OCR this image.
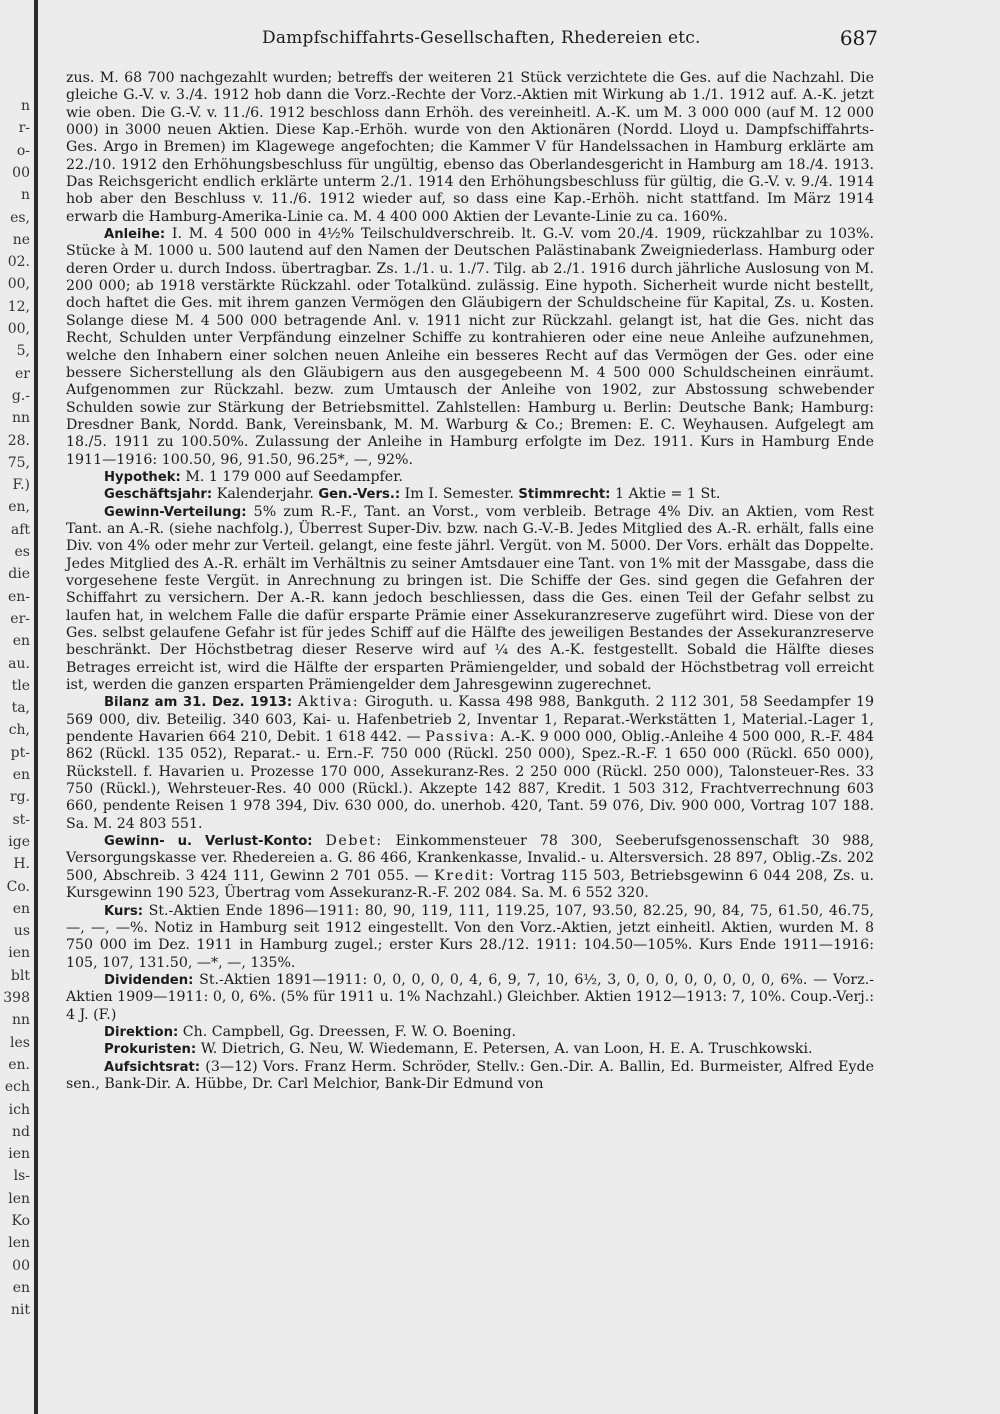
n
r-
o-
00
n
es,
ne
02.
00,
12,
00,
5,
er
g.-
nn
28.
75,
F.)
en,
aft
es
die
en-
er-
en
au.
tle
ta,
ch,
pt-
en
rg.
st-
ige
H.
Co.
en
us
ien
blt
398
nn
les
en.
ech
ich
nd
ien
ls-
len
Ko
len
00
en
nit
Dampfschiffahrts-Gesellschaften, Rhedereien etc.	687

zus. M. 68 700 nachgezahlt wurden; betreffs der weiteren 21 Stück verzichtete die Ges. auf die Nachzahl. Die gleiche G.-V. v. 3./4. 1912 hob dann die Vorz.-Rechte der Vorz.-Aktien mit Wirkung ab 1./1. 1912 auf. A.-K. jetzt wie oben. Die G.-V. v. 11./6. 1912 beschloss dann Erhöh. des vereinheitl. A.-K. um M. 3 000 000 (auf M. 12 000 000) in 3000 neuen Aktien. Diese Kap.-Erhöh. wurde von den Aktionären (Nordd. Lloyd u. Dampfschiffahrts-Ges. Argo in Bremen) im Klagewege angefochten; die Kammer V für Handelssachen in Hamburg erklärte am 22./10. 1912 den Erhöhungsbeschluss für ungültig, ebenso das Oberlandesgericht in Hamburg am 18./4. 1913. Das Reichsgericht endlich erklärte unterm 2./1. 1914 den Erhöhungsbeschluss für gültig, die G.-V. v. 9./4. 1914 hob aber den Beschluss v. 11./6. 1912 wieder auf, so dass eine Kap.-Erhöh. nicht stattfand. Im März 1914 erwarb die Hamburg-Amerika-Linie ca. M. 4 400 000 Aktien der Levante-Linie zu ca. 160%.

Anleihe: I. M. 4 500 000 in 4½% Teilschuldverschreib. lt. G.-V. vom 20./4. 1909, rückzahlbar zu 103%. Stücke à M. 1000 u. 500 lautend auf den Namen der Deutschen Palästinabank Zweigniederlass. Hamburg oder deren Order u. durch Indoss. übertragbar. Zs. 1./1. u. 1./7. Tilg. ab 2./1. 1916 durch jährliche Auslosung von M. 200 000; ab 1918 verstärkte Rückzahl. oder Totalkünd. zulässig. Eine hypoth. Sicherheit wurde nicht bestellt, doch haftet die Ges. mit ihrem ganzen Vermögen den Gläubigern der Schuldscheine für Kapital, Zs. u. Kosten. Solange diese M. 4 500 000 betragende Anl. v. 1911 nicht zur Rückzahl. gelangt ist, hat die Ges. nicht das Recht, Schulden unter Verpfändung einzelner Schiffe zu kontrahieren oder eine neue Anleihe aufzunehmen, welche den Inhabern einer solchen neuen Anleihe ein besseres Recht auf das Vermögen der Ges. oder eine bessere Sicherstellung als den Gläubigern aus den ausgegebeenn M. 4 500 000 Schuldscheinen einräumt. Aufgenommen zur Rückzahl. bezw. zum Umtausch der Anleihe von 1902, zur Abstossung schwebender Schulden sowie zur Stärkung der Betriebsmittel. Zahlstellen: Hamburg u. Berlin: Deutsche Bank; Hamburg: Dresdner Bank, Nordd. Bank, Vereinsbank, M. M. Warburg & Co.; Bremen: E. C. Weyhausen. Aufgelegt am 18./5. 1911 zu 100.50%. Zulassung der Anleihe in Hamburg erfolgte im Dez. 1911. Kurs in Hamburg Ende 1911—1916: 100.50, 96, 91.50, 96.25*, —, 92%.

Hypothek: M. 1 179 000 auf Seedampfer.

Geschäftsjahr: Kalenderjahr. Gen.-Vers.: Im I. Semester. Stimmrecht: 1 Aktie = 1 St.

Gewinn-Verteilung: 5% zum R.-F., Tant. an Vorst., vom verbleib. Betrage 4% Div. an Aktien, vom Rest Tant. an A.-R. (siehe nachfolg.), Überrest Super-Div. bzw. nach G.-V.-B. Jedes Mitglied des A.-R. erhält, falls eine Div. von 4% oder mehr zur Verteil. gelangt, eine feste jährl. Vergüt. von M. 5000. Der Vors. erhält das Doppelte. Jedes Mitglied des A.-R. erhält im Verhältnis zu seiner Amtsdauer eine Tant. von 1% mit der Massgabe, dass die vorgesehene feste Vergüt. in Anrechnung zu bringen ist. Die Schiffe der Ges. sind gegen die Gefahren der Schiffahrt zu versichern. Der A.-R. kann jedoch beschliessen, dass die Ges. einen Teil der Gefahr selbst zu laufen hat, in welchem Falle die dafür ersparte Prämie einer Assekuranzreserve zugeführt wird. Diese von der Ges. selbst gelaufene Gefahr ist für jedes Schiff auf die Hälfte des jeweiligen Bestandes der Assekuranzreserve beschränkt. Der Höchstbetrag dieser Reserve wird auf ¼ des A.-K. festgestellt. Sobald die Hälfte dieses Betrages erreicht ist, wird die Hälfte der ersparten Prämiengelder, und sobald der Höchstbetrag voll erreicht ist, werden die ganzen ersparten Prämiengelder dem Jahresgewinn zugerechnet.

Bilanz am 31. Dez. 1913: Aktiva: Giroguth. u. Kassa 498 988, Bankguth. 2 112 301, 58 Seedampfer 19 569 000, div. Beteilig. 340 603, Kai- u. Hafenbetrieb 2, Inventar 1, Reparat.-Werkstätten 1, Material.-Lager 1, pendente Havarien 664 210, Debit. 1 618 442. — Passiva: A.-K. 9 000 000, Oblig.-Anleihe 4 500 000, R.-F. 484 862 (Rückl. 135 052), Reparat.- u. Ern.-F. 750 000 (Rückl. 250 000), Spez.-R.-F. 1 650 000 (Rückl. 650 000), Rückstell. f. Havarien u. Prozesse 170 000, Assekuranz-Res. 2 250 000 (Rückl. 250 000), Talonsteuer-Res. 33 750 (Rückl.), Wehrsteuer-Res. 40 000 (Rückl.). Akzepte 142 887, Kredit. 1 503 312, Frachtverrechnung 603 660, pendente Reisen 1 978 394, Div. 630 000, do. unerhob. 420, Tant. 59 076, Div. 900 000, Vortrag 107 188. Sa. M. 24 803 551.

Gewinn- u. Verlust-Konto: Debet: Einkommensteuer 78 300, Seeberufsgenossenschaft 30 988, Versorgungskasse ver. Rhedereien a. G. 86 466, Krankenkasse, Invalid.- u. Altersversich. 28 897, Oblig.-Zs. 202 500, Abschreib. 3 424 111, Gewinn 2 701 055. — Kredit: Vortrag 115 503, Betriebsgewinn 6 044 208, Zs. u. Kursgewinn 190 523, Übertrag vom Assekuranz-R.-F. 202 084. Sa. M. 6 552 320.

Kurs: St.-Aktien Ende 1896—1911: 80, 90, 119, 111, 119.25, 107, 93.50, 82.25, 90, 84, 75, 61.50, 46.75, —, —, —%. Notiz in Hamburg seit 1912 eingestellt. Von den Vorz.-Aktien, jetzt einheitl. Aktien, wurden M. 8 750 000 im Dez. 1911 in Hamburg zugel.; erster Kurs 28./12. 1911: 104.50—105%. Kurs Ende 1911—1916: 105, 107, 131.50, —*, —, 135%.

Dividenden: St.-Aktien 1891—1911: 0, 0, 0, 0, 0, 4, 6, 9, 7, 10, 6½, 3, 0, 0, 0, 0, 0, 0, 0, 0, 6%. — Vorz.-Aktien 1909—1911: 0, 0, 6%. (5% für 1911 u. 1% Nachzahl.) Gleichber. Aktien 1912—1913: 7, 10%. Coup.-Verj.: 4 J. (F.)

Direktion: Ch. Campbell, Gg. Dreessen, F. W. O. Boening.

Prokuristen: W. Dietrich, G. Neu, W. Wiedemann, E. Petersen, A. van Loon, H. E. A. Truschkowski.

Aufsichtsrat: (3—12) Vors. Franz Herm. Schröder, Stellv.: Gen.-Dir. A. Ballin, Ed. Burmeister, Alfred Eyde sen., Bank-Dir. A. Hübbe, Dr. Carl Melchior, Bank-Dir Edmund von
